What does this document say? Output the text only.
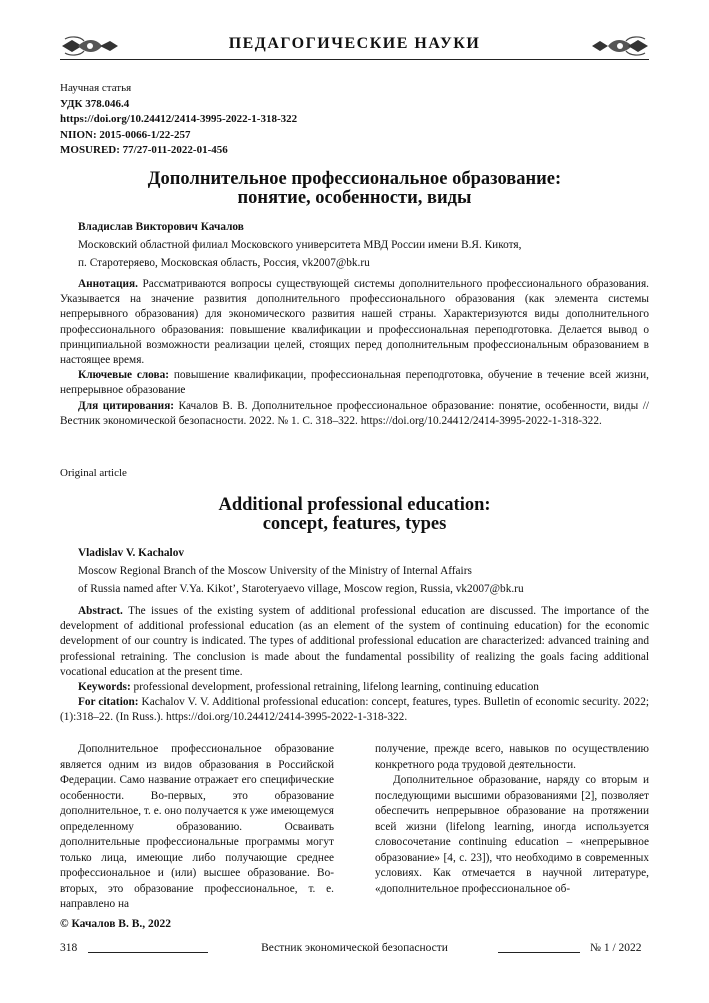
ПЕДАГОГИЧЕСКИЕ НАУКИ
Научная статья
УДК 378.046.4
https://doi.org/10.24412/2414-3995-2022-1-318-322
NIION: 2015-0066-1/22-257
MOSURED: 77/27-011-2022-01-456
Дополнительное профессиональное образование:
понятие, особенности, виды
Владислав Викторович Качалов
Московский областной филиал Московского университета МВД России имени В.Я. Кикотя,
п. Старотеряево, Московская область, Россия, vk2007@bk.ru

Аннотация. Рассматриваются вопросы существующей системы дополнительного профессионального образования. Указывается на значение развития дополнительного профессионального образования (как элемента системы непрерывного образования) для экономического развития нашей страны. Характеризуются виды дополнительного профессионального образования: повышение квалификации и профессиональная переподготовка. Делается вывод о принципиальной возможности реализации целей, стоящих перед дополнительным профессиональным образованием в настоящее время.

Ключевые слова: повышение квалификации, профессиональная переподготовка, обучение в течение всей жизни, непрерывное образование

Для цитирования: Качалов В. В. Дополнительное профессиональное образование: понятие, особенности, виды // Вестник экономической безопасности. 2022. № 1. С. 318–322. https://doi.org/10.24412/2414-3995-2022-1-318-322.

Original article
Additional professional education:
concept, features, types
Vladislav V. Kachalov
Moscow Regional Branch of the Moscow University of the Ministry of Internal Affairs
of Russia named after V.Ya. Kikot’, Staroteryaevo village, Moscow region, Russia, vk2007@bk.ru

Abstract. The issues of the existing system of additional professional education are discussed. The importance of the development of additional professional education (as an element of the system of continuing education) for the economic development of our country is indicated. The types of additional professional education are characterized: advanced training and professional retraining. The conclusion is made about the fundamental possibility of realizing the goals facing additional vocational education at the present time.

Keywords: professional development, professional retraining, lifelong learning, continuing education

For citation: Kachalov V. V. Additional professional education: concept, features, types. Bulletin of economic security. 2022;(1):318–22. (In Russ.). https://doi.org/10.24412/2414-3995-2022-1-318-322.

Дополнительное профессиональное образование является одним из видов образования в Российской Федерации. Само название отражает его специфические особенности. Во-первых, это образование дополнительное, т. е. оно получается к уже имеющемуся определенному образованию. Осваивать дополнительные профессиональные программы могут только лица, имеющие либо получающие среднее профессиональное и (или) высшее образование. Во-вторых, это образование профессиональное, т. е. направлено на

получение, прежде всего, навыков по осуществлению конкретного рода трудовой деятельности.

Дополнительное образование, наряду со вторым и последующими высшими образованиями [2], позволяет обеспечить непрерывное образование на протяжении всей жизни (lifelong learning, иногда используется словосочетание continuing education – «непрерывное образование» [4, с. 23]), что необходимо в современных условиях. Как отмечается в научной литературе, «дополнительное профессиональное об-

© Качалов В. В., 2022
318	Вестник экономической безопасности	№ 1 / 2022
